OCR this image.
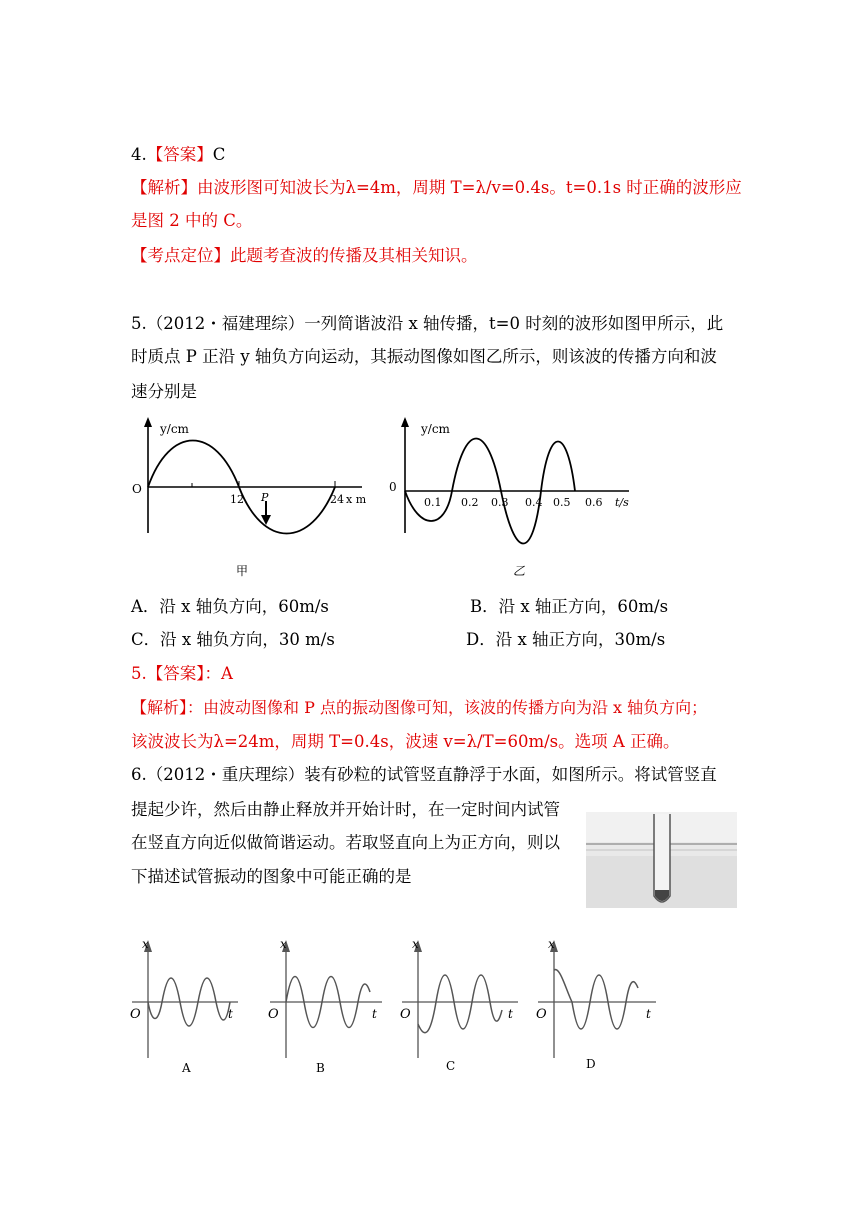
4.【答案】C
【解析】由波形图可知波长为λ=4m，周期 T=λ/v=0.4s。t=0.1s 时正确的波形应
是图 2 中的 C。
【考点定位】此题考查波的传播及其相关知识。
5.（2012・福建理综）一列简谐波沿 x 轴传播，t=0 时刻的波形如图甲所示，此
时质点 P 正沿 y 轴负方向运动，其振动图像如图乙所示，则该波的传播方向和波
速分别是
y/cm
O
12 P	24 x m
甲
y/cm
0
0.1 0.2 0.3 0.4 0.5 0.6 t/s
乙
A．沿 x 轴负方向，60m/s	B．沿 x 轴正方向，60m/s
C．沿 x 轴负方向，30 m/s	D．沿 x 轴正方向，30m/s
5.【答案】：A
【解析】：由波动图像和 P 点的振动图像可知，该波的传播方向为沿 x 轴负方向；
该波波长为λ=24m，周期 T=0.4s，波速 v=λ/T=60m/s。选项 A 正确。
6.（2012・重庆理综）装有砂粒的试管竖直静浮于水面，如图所示。将试管竖直
提起少许，然后由静止释放并开始计时，在一定时间内试管
在竖直方向近似做简谐运动。若取竖直向上为正方向，则以
下描述试管振动的图象中可能正确的是
x
O	t
A
x
O	t
B
x
O	t
C
x
O	t
D
